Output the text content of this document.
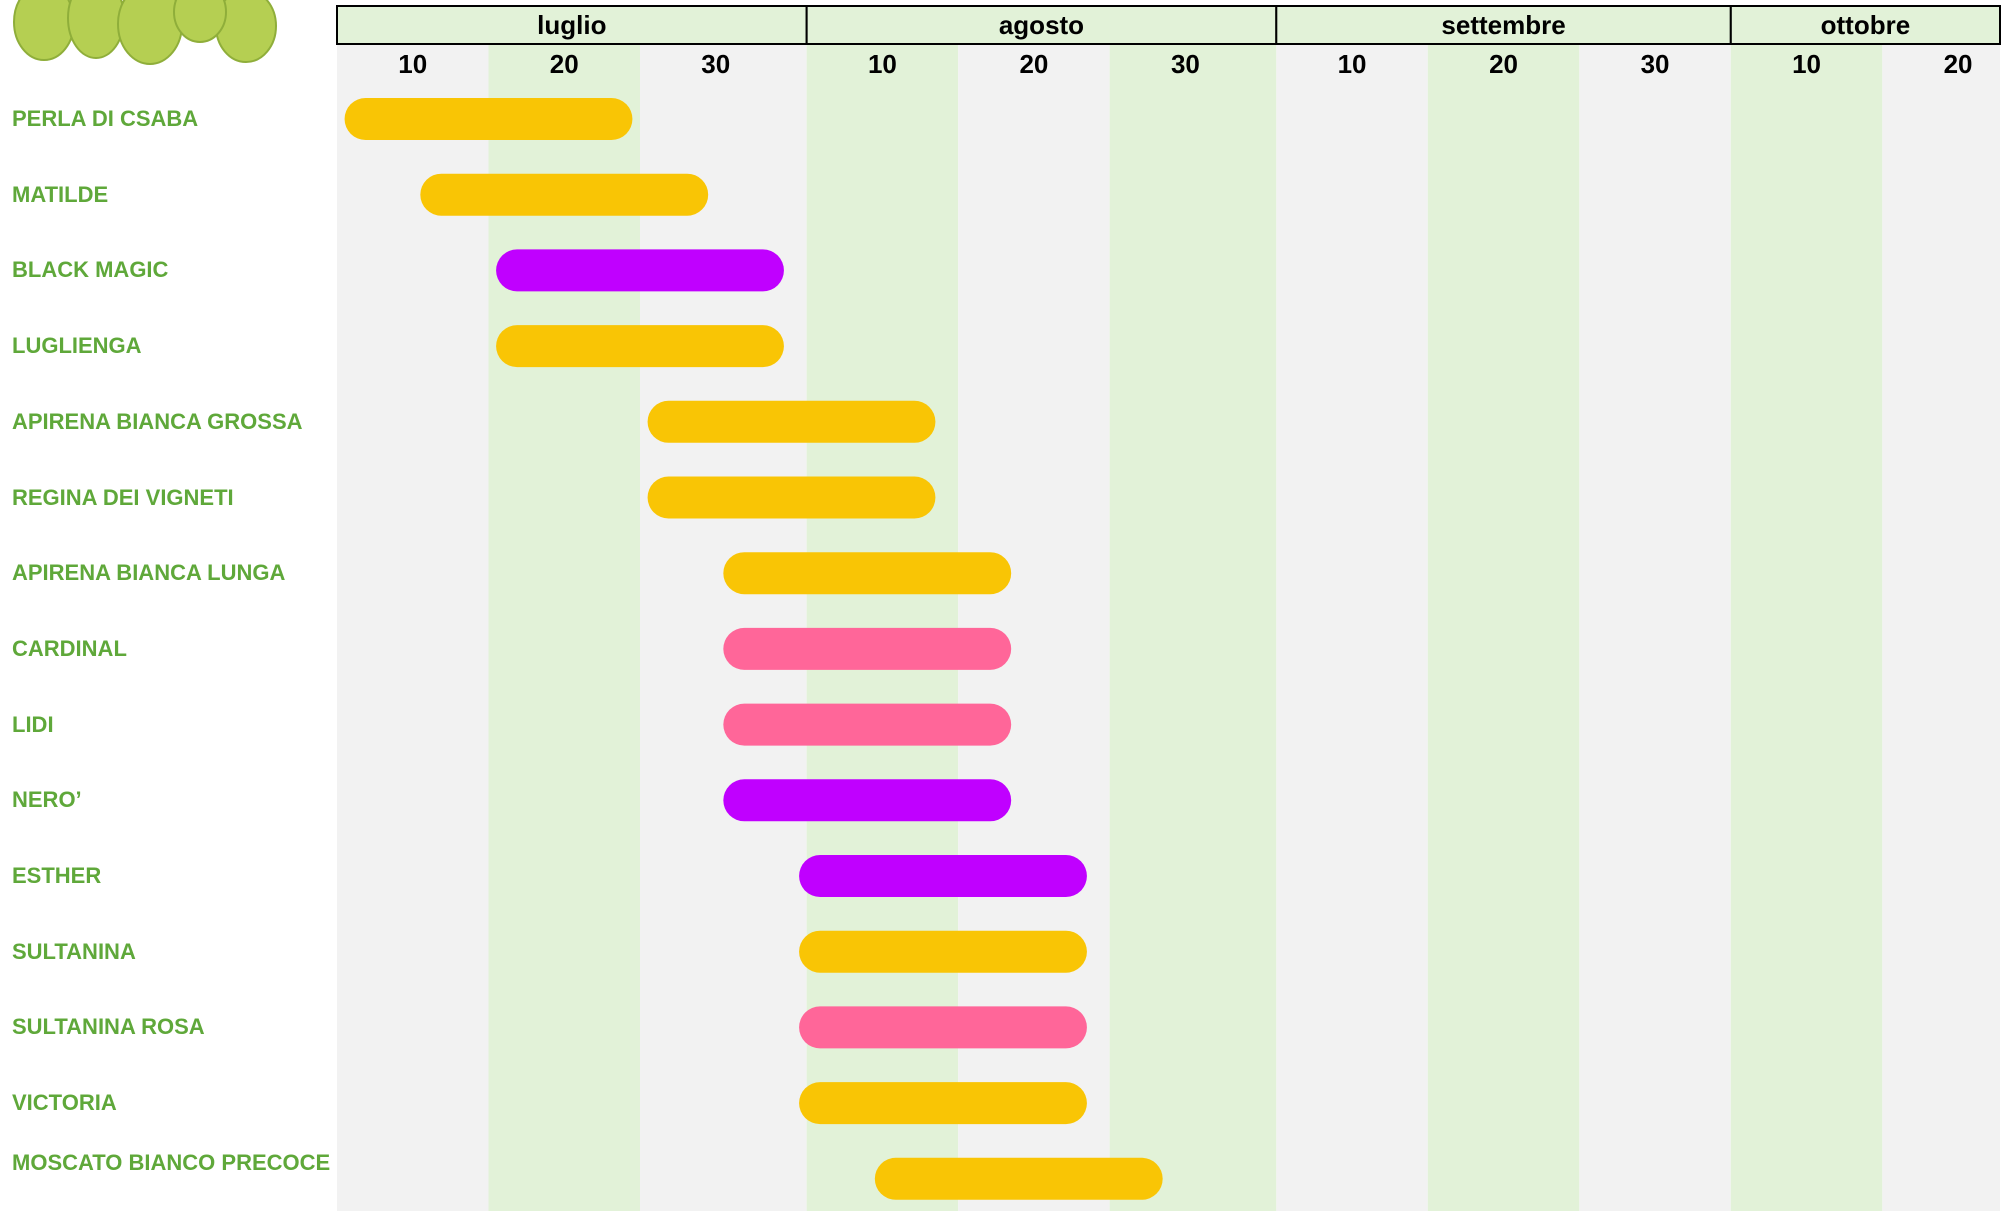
PERLA DI CSABA
MATILDE
BLACK MAGIC
LUGLIENGA
APIRENA BIANCA GROSSA
REGINA DEI VIGNETI
APIRENA BIANCA LUNGA
CARDINAL
LIDI
NERO’
ESTHER
SULTANINA
SULTANINA ROSA
VICTORIA
MOSCATO BIANCO PRECOCE
luglio	agosto	settembre	ottobre
10	20	30	10	20	30	10	20	30	10	20
